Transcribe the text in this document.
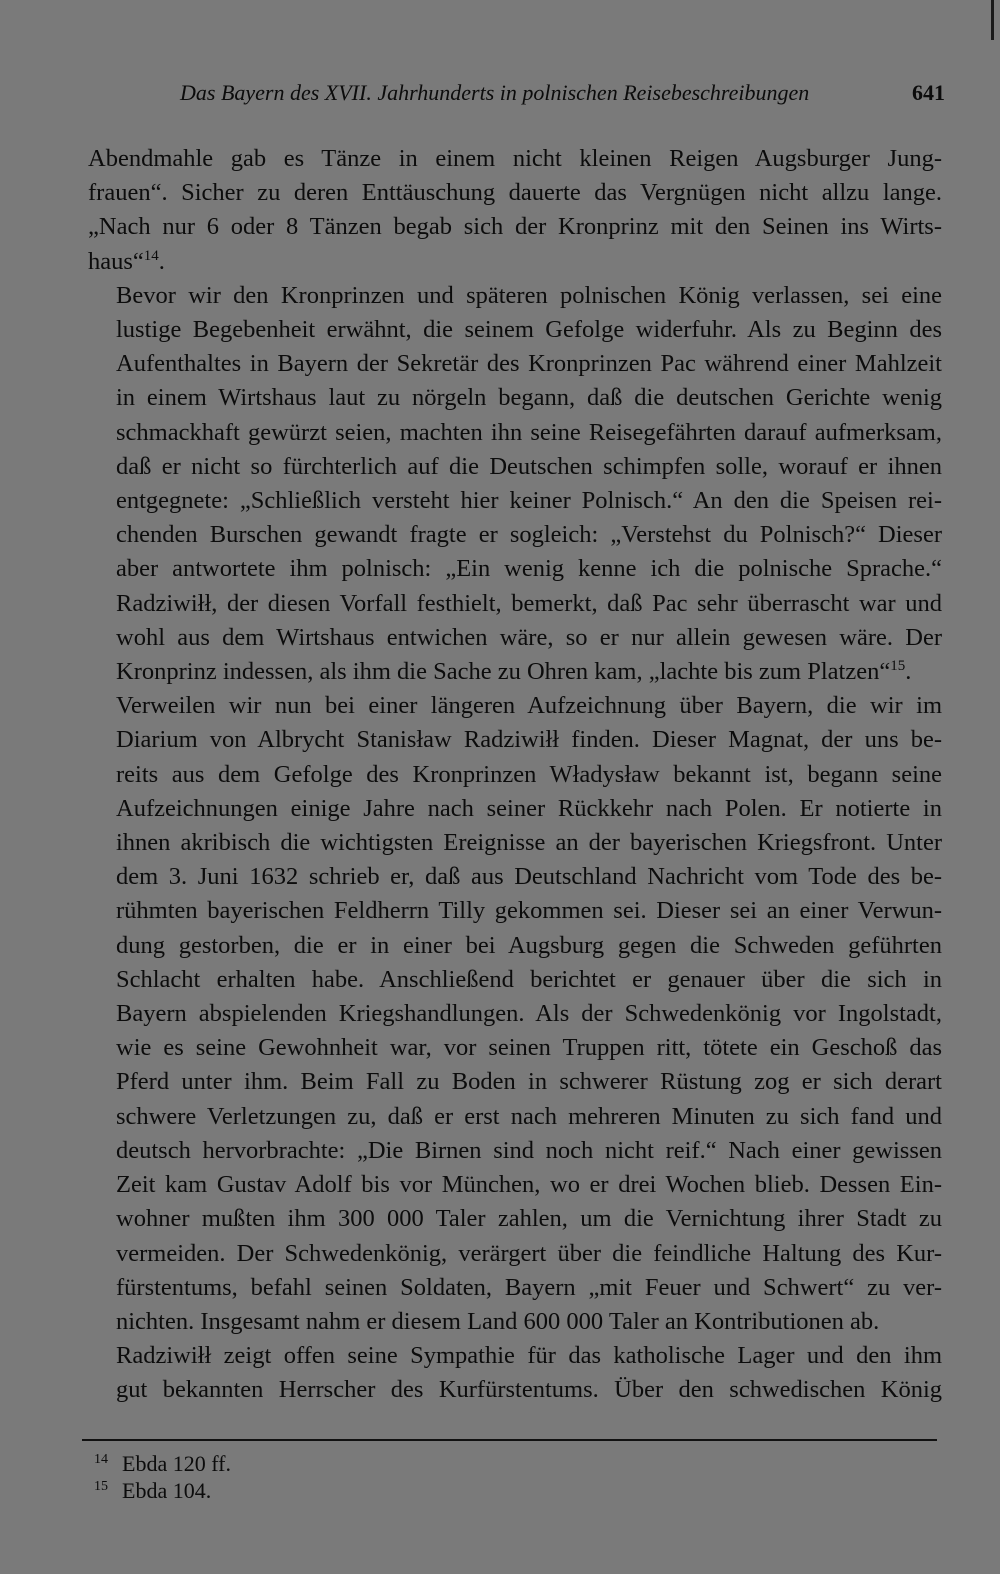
Das Bayern des XVII. Jahrhunderts in polnischen Reisebeschreibungen	641

Abendmahle gab es Tänze in einem nicht kleinen Reigen Augsburger Jung-
frauen“. Sicher zu deren Enttäuschung dauerte das Vergnügen nicht allzu lange.
„Nach nur 6 oder 8 Tänzen begab sich der Kronprinz mit den Seinen ins Wirts-
haus“$^{14}$.

Bevor wir den Kronprinzen und späteren polnischen König verlassen, sei eine
lustige Begebenheit erwähnt, die seinem Gefolge widerfuhr. Als zu Beginn des
Aufenthaltes in Bayern der Sekretär des Kronprinzen Pac während einer Mahlzeit
in einem Wirtshaus laut zu nörgeln begann, daß die deutschen Gerichte wenig
schmackhaft gewürzt seien, machten ihn seine Reisegefährten darauf aufmerksam,
daß er nicht so fürchterlich auf die Deutschen schimpfen solle, worauf er ihnen
entgegnete: „Schließlich versteht hier keiner Polnisch.“ An den die Speisen rei-
chenden Burschen gewandt fragte er sogleich: „Verstehst du Polnisch?“ Dieser
aber antwortete ihm polnisch: „Ein wenig kenne ich die polnische Sprache.“
Radziwiłł, der diesen Vorfall festhielt, bemerkt, daß Pac sehr überrascht war und
wohl aus dem Wirtshaus entwichen wäre, so er nur allein gewesen wäre. Der
Kronprinz indessen, als ihm die Sache zu Ohren kam, „lachte bis zum Platzen“$^{15}$.

Verweilen wir nun bei einer längeren Aufzeichnung über Bayern, die wir im
Diarium von Albrycht Stanisław Radziwiłł finden. Dieser Magnat, der uns be-
reits aus dem Gefolge des Kronprinzen Władysław bekannt ist, begann seine
Aufzeichnungen einige Jahre nach seiner Rückkehr nach Polen. Er notierte in
ihnen akribisch die wichtigsten Ereignisse an der bayerischen Kriegsfront. Unter
dem 3. Juni 1632 schrieb er, daß aus Deutschland Nachricht vom Tode des be-
rühmten bayerischen Feldherrn Tilly gekommen sei. Dieser sei an einer Verwun-
dung gestorben, die er in einer bei Augsburg gegen die Schweden geführten
Schlacht erhalten habe. Anschließend berichtet er genauer über die sich in
Bayern abspielenden Kriegshandlungen. Als der Schwedenkönig vor Ingolstadt,
wie es seine Gewohnheit war, vor seinen Truppen ritt, tötete ein Geschoß das
Pferd unter ihm. Beim Fall zu Boden in schwerer Rüstung zog er sich derart
schwere Verletzungen zu, daß er erst nach mehreren Minuten zu sich fand und
deutsch hervorbrachte: „Die Birnen sind noch nicht reif.“ Nach einer gewissen
Zeit kam Gustav Adolf bis vor München, wo er drei Wochen blieb. Dessen Ein-
wohner mußten ihm 300 000 Taler zahlen, um die Vernichtung ihrer Stadt zu
vermeiden. Der Schwedenkönig, verärgert über die feindliche Haltung des Kur-
fürstentums, befahl seinen Soldaten, Bayern „mit Feuer und Schwert“ zu ver-
nichten. Insgesamt nahm er diesem Land 600 000 Taler an Kontributionen ab.

Radziwiłł zeigt offen seine Sympathie für das katholische Lager und den ihm
gut bekannten Herrscher des Kurfürstentums. Über den schwedischen König

14 Ebda 120 ff.
15 Ebda 104.
